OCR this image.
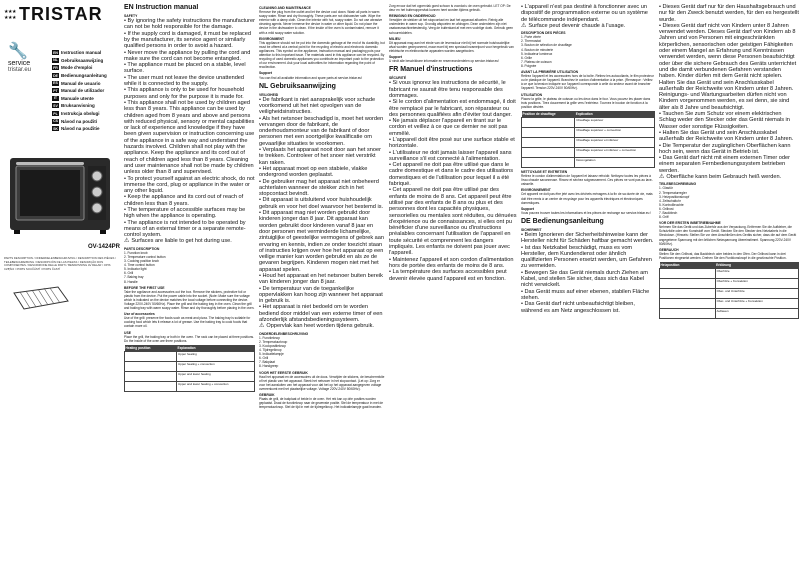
★★★
★★★ TRISTAR
🔧
service
tristar.eu
EN Instruction manual
NL Gebruiksaanwijzing
FR Mode d'emploi
DE Bedienungsanleitung
ES Manual de usuario
PT Manual de utilizador
IT Manuale utente
SV Bruksanvisning
PL Instrukcja obsługi
CS Návod na použití
SK Návod na použitie
OV-1424PR
PARTS DESCRIPTION / ONDERDELENBESCHRIJVING / DESCRIPTION DES PIÈCES / TEILEBESCHREIBUNG / DESCRIPCIÓN DE LAS PIEZAS / DESCRIÇÃO DOS COMPONENTES / DESCRIZIONE DELLE PARTI / BESKRIVNING AV DELAR / OPIS CZĘŚCI / POPIS SOUČÁSTÍ / POPIS ČASTÍ
EN Instruction manual
SAFETY

• By ignoring the safety instructions the manufacturer can not be hold responsible for the damage.

• If the supply cord is damaged, it must be replaced by the manufacturer, its service agent or similarly qualified persons in order to avoid a hazard.

• Never move the appliance by pulling the cord and make sure the cord can not become entangled.

• The appliance must be placed on a stable, level surface.

• The user must not leave the device unattended while it is connected to the supply.

• This appliance is only to be used for household purposes and only for the purpose it is made for.

• This appliance shall not be used by children aged less than 8 years. This appliance can be used by children aged from 8 years and above and persons with reduced physical, sensory or mental capabilities or lack of experience and knowledge if they have been given supervision or instruction concerning use of the appliance in a safe way and understand the hazards involved. Children shall not play with the appliance. Keep the appliance and its cord out of reach of children aged less than 8 years. Cleaning and user maintenance shall not be made by children unless older than 8 and supervised.

• To protect yourself against an electric shock, do not immerse the cord, plug or appliance in the water or any other liquid.

• Keep the appliance and its cord out of reach of children less than 8 years.

• The temperature of accessible surfaces may be high when the appliance is operating.

• The appliance is not intended to be operated by means of an external timer or a separate remote-control system.

⚠ Surfaces are liable to get hot during use.
PARTS DESCRIPTION

1. Function knob

2. Temperature control button

3. Cooking position knob

4. Time control button

5. Indicator light

6. Grill

7. Baking tray

8. Handle

BEFORE THE FIRST USE
Take the appliance and accessories out the box. Remove the stickers, protective foil or plastic from the device. Put the power cable into the socket. (Note: Make sure the voltage which is indicated on the device matches the local voltage before connecting the device. Voltage 220V-240V 50/60Hz). Place the grill and the baking tray in the oven. Clean the grill and baking tray with warm soapy water. Rinse and dry thoroughly before placing in the oven.
Use of accessories
Use of the grill: preserve the foods such as meat and pizza. The baking tray is suitable for cooking food which lets it release a lot of grease. Use the baking tray to cook foods that contain more oil.
USE
Place the grill, the baking tray or both in the oven. The rack can be placed at three positions. Do the inside of the oven are three positions.
Heating position	Explanation
	Upper heating
	Upper heating + convection
	Upper and lower heating
	Upper and lower heating + convection
CLEANING AND MAINTENANCE
Remove the plug from the outlet and let the device cool down. Wash all parts in warm soapy water. Rinse and dry thoroughly. These parts are not dishwasher safe. Wipe the exterior with a damp cloth. Clean the interior with hot, soapy water. Do not use abrasive cleaning agents. Never immerse the device in water or other liquid. Do not place the device in the dishwasher to clean. If the inside of the oven is contaminated, remove it with a mild soapy water solution.
ENVIRONMENT
This appliance should not be put into the domestic garbage at the end of its durability, but must be offered at a central point for the recycling of electric and electronic domestic appliances. This symbol on the appliance, instruction manual and packaging puts your attention to this important issue. The materials used in this appliance can be recycled. By recycling of used domestic appliances you contribute an important push to the protection of our environment. Ask your local authorities for information regarding the point of recollection.
Support
You can find all available information and spare parts at service.tristar.eu!
NL Gebruiksaanwijzing
VEILIGHEID

• De fabrikant is niet aansprakelijk voor schade voortkomend uit het niet opvolgen van de veiligheidsinstructies.

• Als het netsnoer beschadigd is, moet het worden vervangen door de fabrikant, de onderhoudsmonteur van de fabrikant of door personen met een soortgelijke kwalificatie om gevaarlijke situaties te voorkomen.

• Verplaats het apparaat nooit door aan het snoer te trekken. Controleer of het snoer niet verstrikt kan raken.

• Het apparaat moet op een stabiele, vlakke ondergrond worden geplaatst.

• De gebruiker mag het apparaat niet onbeheerd achterlaten wanneer de stekker zich in het stopcontact bevindt.

• Dit apparaat is uitsluitend voor huishoudelijk gebruik en voor het doel waarvoor het bestemd is.

• Dit apparaat mag niet worden gebruikt door kinderen jonger dan 8 jaar. Dit apparaat kan worden gebruikt door kinderen vanaf 8 jaar en door personen met verminderde lichamelijke, zintuiglijke of geestelijke vermogens of gebrek aan ervaring en kennis, indien ze onder toezicht staan of instructies krijgen over hoe het apparaat op een veilige manier kan worden gebruikt en als ze de gevaren begrijpen. Kinderen mogen niet met het apparaat spelen.

• Houd het apparaat en het netsnoer buiten bereik van kinderen jonger dan 8 jaar.

• De temperatuur van de toegankelijke oppervlakken kan hoog zijn wanneer het apparaat in gebruik is.

• Het apparaat is niet bedoeld om te worden bediend door middel van een externe timer of een afzonderlijk afstandsbedieningssysteem.

⚠ Oppervlak kan heet worden tijdens gebruik.
ONDERDELENBESCHRIJVING

1. Functieknop

2. Temperatuurknop

3. Kookpositieknop

4. Tijdregelknop

5. Indicatielampje

6. Grill

7. Bakplaat

8. Handgreep

VOOR HET EERSTE GEBRUIK
Haal het apparaat en de accessoires uit de doos. Verwijder de stickers, de beschermfolie of het plastic van het apparaat. Steek het netsnoer in het stopcontact. (Let op: Zorg er voor het aansluiten van het apparaat voor dat het op het apparaat aangegeven voltage overeenkomt met het plaatselijke voltage. Voltage 220V-240V 50/60Hz).
GEBRUIK
Plaats de grill, de bakplaat of beide in de oven. Het rek kan op drie posities worden geplaatst. Draai de functieknop naar de gewenste positie. Stel de temperatuur in met de temperatuurknop. Stel de tijd in met de tijdregelknop. Het indicatielampje gaat branden.
Zorg ervoor dat het oppervlak goed schoon is voordat u de oven gebruikt. LET OP: De deur en het buitenoppervlak kunnen heet worden tijdens gebruik.
REINIGING EN ONDERHOUD
Verwijder de stekker uit het stopcontact en laat het apparaat afkoelen. Reinig alle onderdelen in warm sop. Grondig afspoelen en afdrogen. Deze onderdelen zijn niet vaatwasmachinebestendig. Veeg de buitenkant af met een vochtige doek. Gebruik geen schuurmiddelen.
MILIEU
Dit apparaat mag aan het einde van de levensduur niet bij het normale huishoudelijke afval worden gedeponeerd, maar moet bij een speciaal inzamelpunt voor hergebruik van elektrische en elektronische apparaten worden aangeboden.
Support
U vindt alle beschikbare informatie en reserveonderdelen op service.tristar.eu!
FR Manuel d'instructions
SÉCURITÉ

• Si vous ignorez les instructions de sécurité, le fabricant ne saurait être tenu responsable des dommages.

• Si le cordon d'alimentation est endommagé, il doit être remplacé par le fabricant, son réparateur ou des personnes qualifiées afin d'éviter tout danger.

• Ne jamais déplacer l'appareil en tirant sur le cordon et veillez à ce que ce dernier ne soit pas emmêlé.

• L'appareil doit être posé sur une surface stable et horizontale.

• L'utilisateur ne doit jamais laisser l'appareil sans surveillance s'il est connecté à l'alimentation.

• Cet appareil ne doit pas être utilisé que dans le cadre domestique et dans le cadre des utilisations domestiques et de l'utilisation pour lequel il a été fabriqué.

• Cet appareil ne doit pas être utilisé par des enfants de moins de 8 ans. Cet appareil peut être utilisé par des enfants de 8 ans ou plus et des personnes dont les capacités physiques, sensorielles ou mentales sont réduites, ou dénuées d'expérience ou de connaissances, si elles ont pu bénéficier d'une surveillance ou d'instructions préalables concernant l'utilisation de l'appareil en toute sécurité et comprennent les dangers impliqués. Les enfants ne doivent pas jouer avec l'appareil.

• Maintenez l'appareil et son cordon d'alimentation hors de portée des enfants de moins de 8 ans.

• La température des surfaces accessibles peut devenir élevée quand l'appareil est en fonction.

• L'appareil n'est pas destiné à fonctionner avec un dispositif de programmation externe ou un système de télécommande indépendant.

⚠ Surface peut devenir chaude à l'usage.
DESCRIPTION DES PIÈCES

1. Porte vitrée

2. Thermostat

3. Bouton de sélection de chauffage

4. Bouton de minuterie

5. Indicateur lumineux

6. Grille

7. Plateau de cuisson

8. Poignée

AVANT LA PREMIÈRE UTILISATION
Retirez l'appareil et les accessoires hors de la boîte. Retirez les autocollants, le film protecteur ou le plastique de l'appareil. Branchez le cordon d'alimentation à la prise. (Remarque : Veillez à ce que la tension indiquée sur l'appareil corresponde à celle du secteur avant de brancher l'appareil. Tension 220V-240V 50/60Hz).
UTILISATION
Placez la grille, le plateau de cuisson ou les deux dans le four. Vous pouvez les placer dans trois positions. Tirez doucement la grille vers l'extérieur. Tournez le bouton de fonction à la position désirée.
Position de chauffage	Explication
	Chauffage supérieur
	Chauffage supérieur + convection
	Chauffage supérieur et inférieur
	Chauffage supérieur et inférieur + convection
	Décongélation
NETTOYAGE ET ENTRETIEN
Retirez le cordon d'alimentation de l'appareil et laissez refroidir. Nettoyez toutes les pièces à l'eau chaude savonneuse. Rincez et séchez soigneusement. Ces pièces ne vont pas au lave-vaisselle.
ENVIRONNEMENT
Cet appareil ne doit pas être jeté avec les déchets ménagers à la fin de sa durée de vie, mais doit être remis à un centre de recyclage pour les appareils électriques et électroniques domestiques.
Support
Vous pouvez trouver toutes les informations et les pièces de rechange sur service.tristar.eu !
DE Bedienungsanleitung
SICHERHEIT

• Beim Ignorieren der Sicherheitshinweise kann der Hersteller nicht für Schäden haftbar gemacht werden.

• Ist das Netzkabel beschädigt, muss es vom Hersteller, dem Kundendienst oder ähnlich qualifizierten Personen ersetzt werden, um Gefahren zu vermeiden.

• Bewegen Sie das Gerät niemals durch Ziehen am Kabel, und stellen Sie sicher, dass sich das Kabel nicht verwickelt.

• Das Gerät muss auf einer ebenen, stabilen Fläche stehen.

• Das Gerät darf nicht unbeaufsichtigt bleiben, während es am Netz angeschlossen ist.

• Dieses Gerät darf nur für den Haushaltsgebrauch und nur für den Zweck benutzt werden, für den es hergestellt wurde.

• Dieses Gerät darf nicht von Kindern unter 8 Jahren verwendet werden. Dieses Gerät darf von Kindern ab 8 Jahren und von Personen mit eingeschränkten körperlichen, sensorischen oder geistigen Fähigkeiten oder einem Mangel an Erfahrung und Kenntnissen verwendet werden, wenn diese Personen beaufsichtigt oder über die sichere Gebrauch des Geräts unterrichtet und die damit verbundenen Gefahren verstanden haben. Kinder dürfen mit dem Gerät nicht spielen. Halten Sie das Gerät und sein Anschlusskabel außerhalb der Reichweite von Kindern unter 8 Jahren. Reinigungs- und Wartungsarbeiten dürfen nicht von Kindern vorgenommen werden, es sei denn, sie sind älter als 8 Jahre und beaufsichtigt.

• Tauchen Sie zum Schutz vor einem elektrischen Schlag weder den Stecker oder das Gerät niemals in Wasser oder sonstige Flüssigkeiten.

• Halten Sie das Gerät und sein Anschlusskabel außerhalb der Reichweite von Kindern unter 8 Jahren.

• Die Temperatur der zugänglichen Oberflächen kann hoch sein, wenn das Gerät in Betrieb ist.

• Das Gerät darf nicht mit einem externen Timer oder einem separaten Fernbedienungssystem betrieben werden.

⚠ Oberfläche kann beim Gebrauch heiß werden.
TEILEBESCHREIBUNG

1. Glastür

2. Temperaturregler

3. Heizpositionsknopf

4. Zeitschaltuhr

5. Kontrollleuchte

6. Grillrost

7. Backblech

8. Griff

VOR DER ERSTEN INBETRIEBNAHME
Nehmen Sie das Gerät und das Zubehör aus der Verpackung. Entfernen Sie die Aufkleber, die Schutzfolie oder den Kunststoff vom Gerät. Stecken Sie den Stecker des Netzkabels in die Steckdose. (Hinweis: Stellen Sie vor dem Anschließen des Geräts sicher, dass die auf dem Gerät angegebene Spannung mit der örtlichen Netzspannung übereinstimmt. Spannung 220V-240V 50/60Hz).
GEBRAUCH
Stellen Sie den Grillrost, das Backblech oder beides in den Ofen. Der Grillrost kann in drei Positionen eingesetzt werden. Drehen Sie den Funktionsknopf in die gewünschte Position.
Heizposition	Erklärung
	Oberhitze
	Oberhitze + Konvektion
	Ober- und Unterhitze
	Ober- und Unterhitze + Konvektion
	Auftauen
